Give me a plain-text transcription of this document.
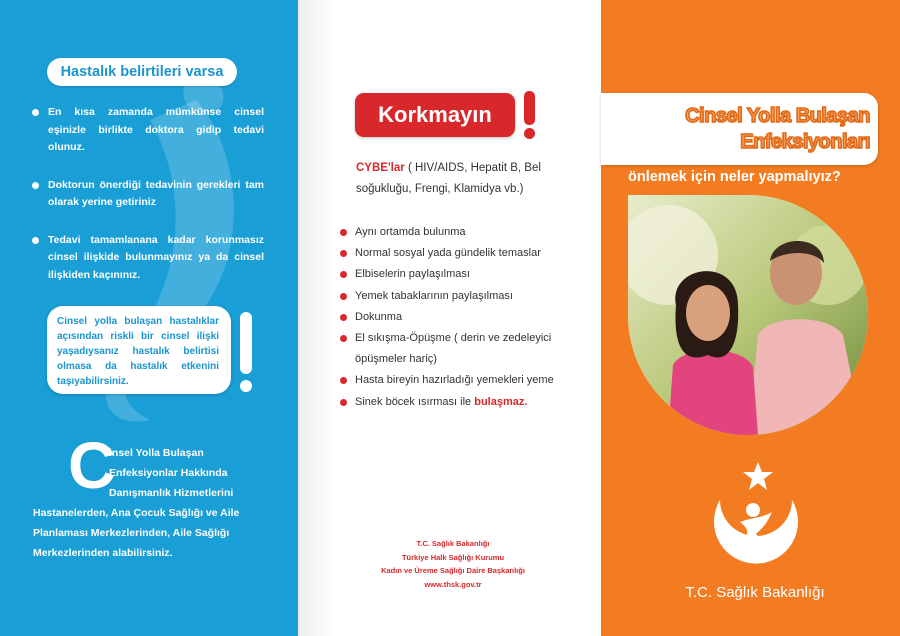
Hastalık belirtileri varsa
En kısa zamanda mümkünse cinsel eşinizle birlikte doktora gidip tedavi olunuz.
Doktorun önerdiği tedavinin gerekleri tam olarak yerine getiriniz
Tedavi tamamlanana kadar korunmasız cinsel ilişkide bulunmayınız ya da cinsel ilişkiden kaçınınız.
Cinsel yolla bulaşan hastalıklar açısından riskli bir cinsel ilişki yaşadıysanız hastalık belirtisi olmasa da hastalık etkenini taşıyabilirsiniz.
C
insel Yolla Bulaşan
Enfeksiyonlar Hakkında
Danışmanlık Hizmetlerini
Hastanelerden, Ana Çocuk Sağlığı ve Aile Planlaması Merkezlerinden, Aile Sağlığı Merkezlerinden alabilirsiniz.
Korkmayın
CYBE'lar ( HIV/AIDS, Hepatit B, Bel soğukluğu, Frengi, Klamidya vb.)
Aynı ortamda bulunma
Normal sosyal yada gündelik temaslar
Elbiselerin paylaşılması
Yemek tabaklarının paylaşılması
Dokunma
El sıkışma-Öpüşme ( derin ve zedeleyici
öpüşmeler hariç)
Hasta bireyin hazırladığı yemekleri yeme
Sinek böcek ısırması ile bulaşmaz.
T.C. Sağlık Bakanlığı
Türkiye Halk Sağlığı Kurumu
Kadın ve Üreme Sağlığı Daire Başkanlığı
www.thsk.gov.tr
Cinsel Yolla Bulaşan
Enfeksiyonları
önlemek için neler yapmalıyız?
T.C. Sağlık Bakanlığı
